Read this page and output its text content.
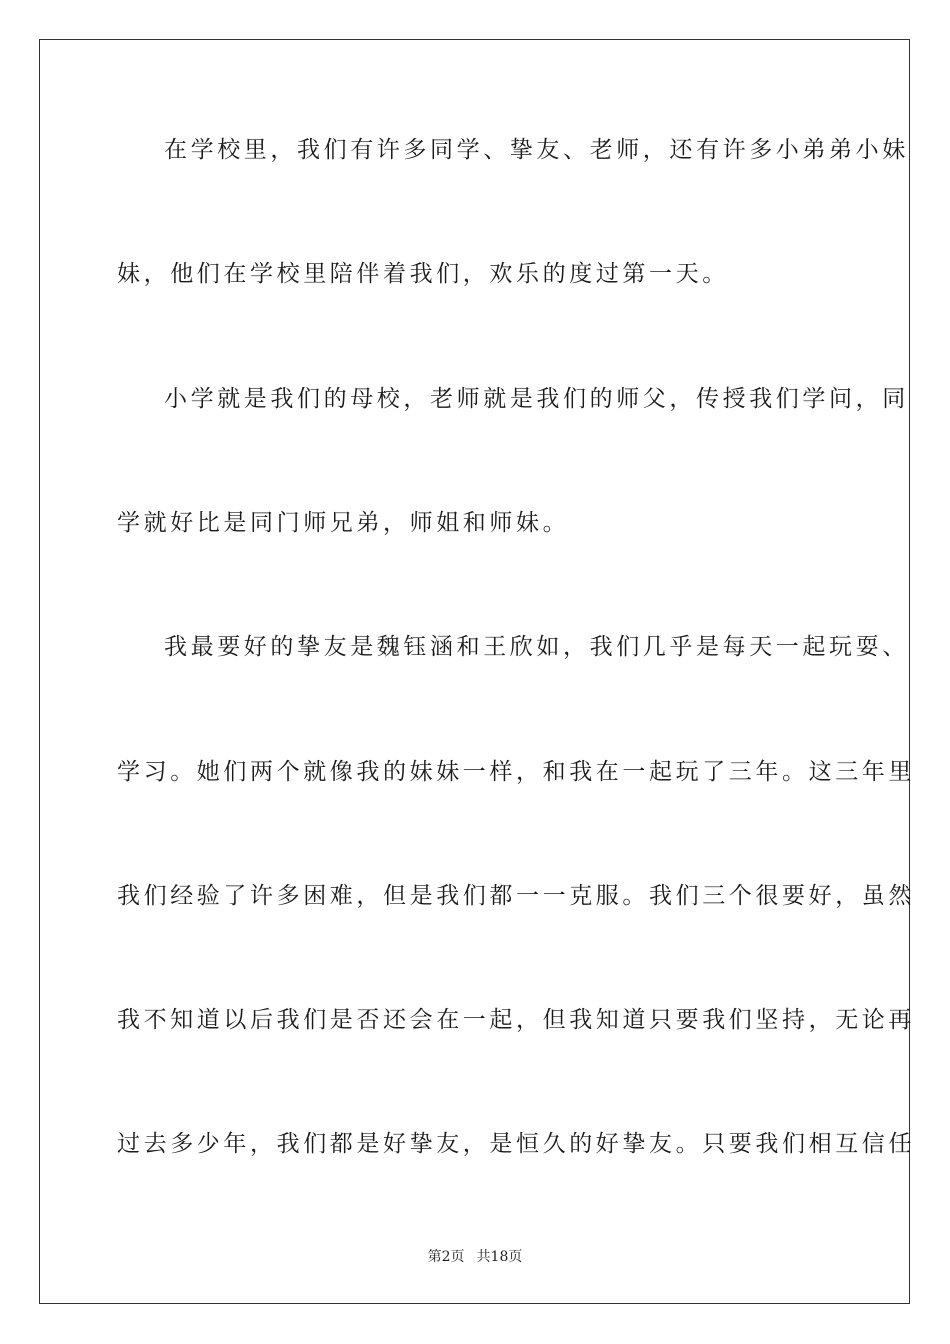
在学校里，我们有许多同学、挚友、老师，还有许多小弟弟小妹
妹，他们在学校里陪伴着我们，欢乐的度过第一天。
小学就是我们的母校，老师就是我们的师父，传授我们学问，同
学就好比是同门师兄弟，师姐和师妹。
我最要好的挚友是魏钰涵和王欣如，我们几乎是每天一起玩耍、
学习。她们两个就像我的妹妹一样，和我在一起玩了三年。这三年里
我们经验了许多困难，但是我们都一一克服。我们三个很要好，虽然
我不知道以后我们是否还会在一起，但我知道只要我们坚持，无论再
过去多少年，我们都是好挚友，是恒久的好挚友。只要我们相互信任
第2页 共18页
